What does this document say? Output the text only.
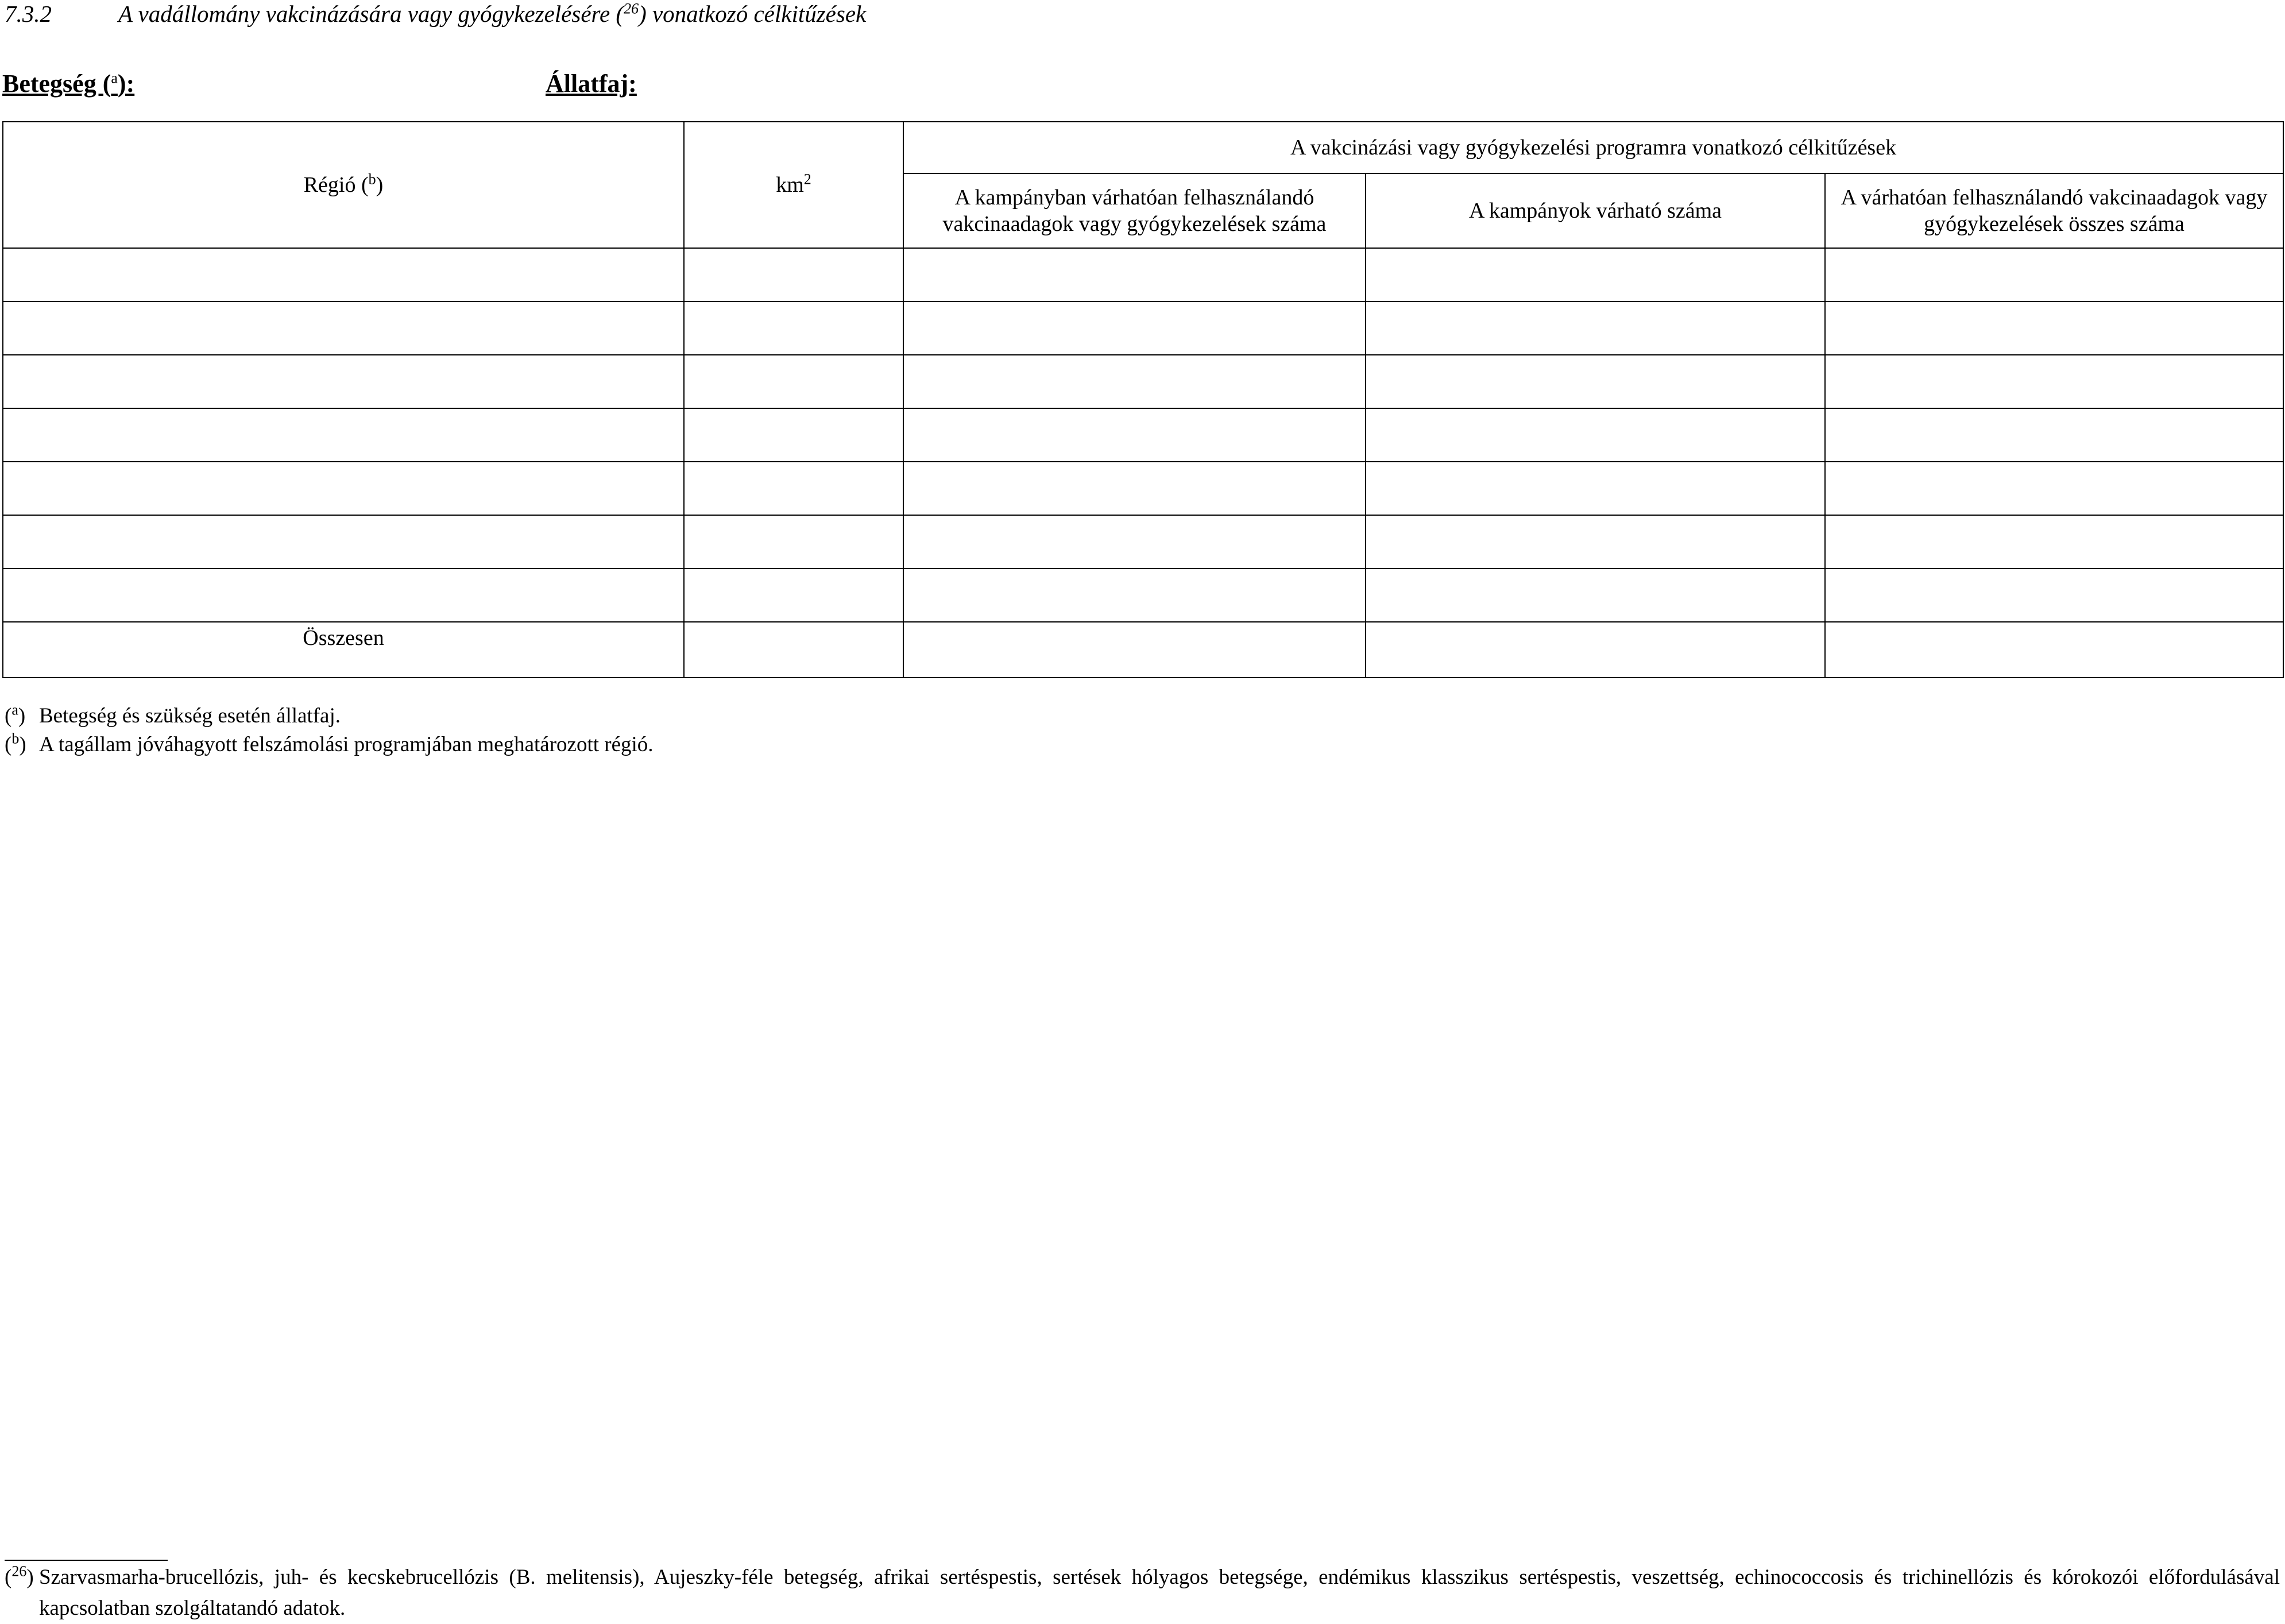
7.3.2	A vadállomány vakcinázására vagy gyógykezelésére ($^{26}$) vonatkozó célkitűzések
Betegség ($^a$):	Állatfaj:
Régió ($^b$)	$km^2$	A vakcinázási vagy gyógykezelési programra vonatkozó célkitűzések		
		A kampányban várhatóan felhasználandó vakcinaadagok vagy gyógykezelések száma	A kampányok várható száma	A várhatóan felhasználandó vakcinaadagok vagy gyógykezelések összes száma

Összesen				
($^a$) Betegség és szükség esetén állatfaj.
($^b$) A tagállam jóváhagyott felszámolási programjában meghatározott régió.
($^{26}$) Szarvasmarha-brucellózis, juh- és kecskebrucellózis (B. melitensis), Aujeszky-féle betegség, afrikai sertéspestis, sertések hólyagos betegsége, endémikus klasszikus sertéspestis, veszettség, echinococcosis és trichinellózis és kórokozói előfordulásával kapcsolatban szolgáltatandó adatok.
